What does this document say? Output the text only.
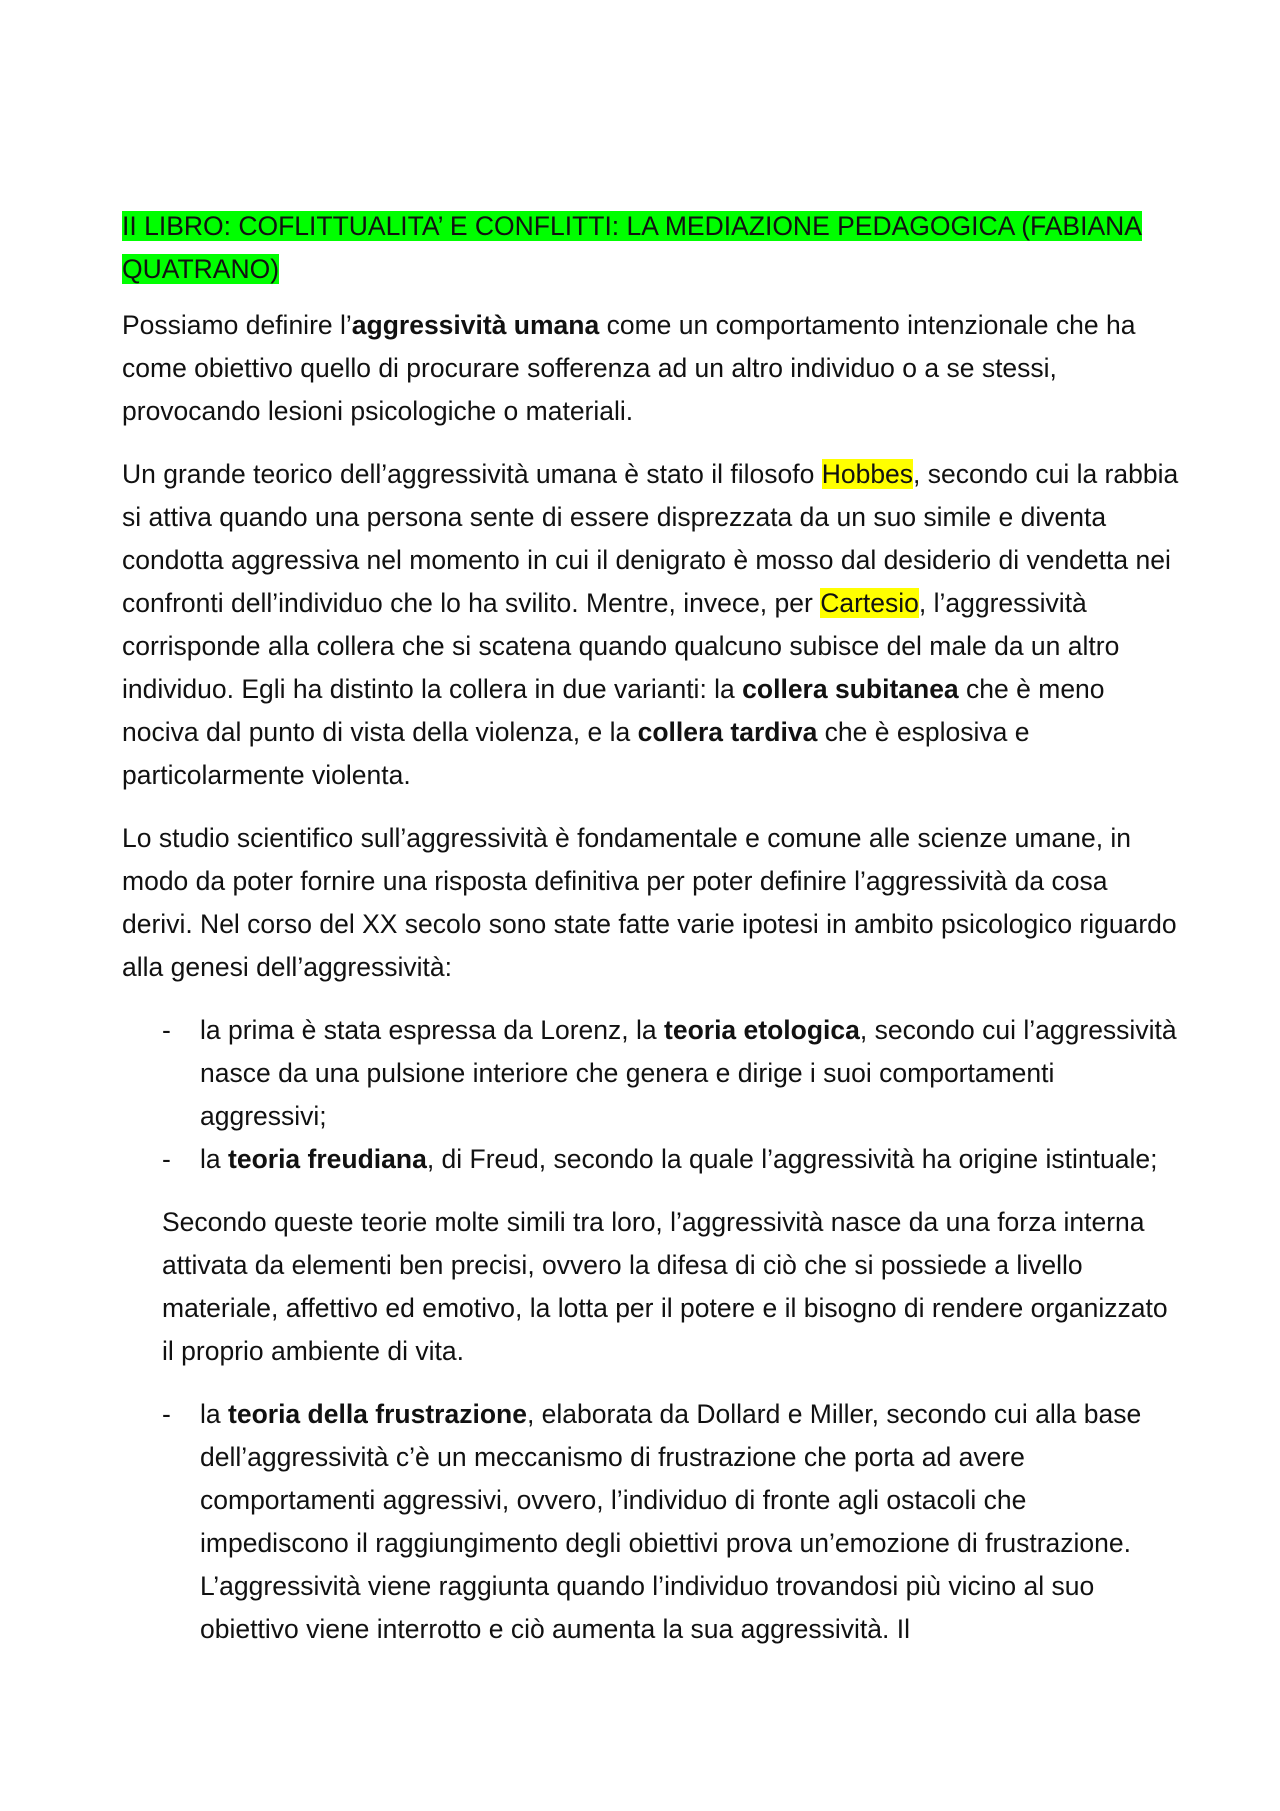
II LIBRO: COFLITTUALITA’ E CONFLITTI: LA MEDIAZIONE PEDAGOGICA (FABIANA QUATRANO)

Possiamo definire l’aggressività umana come un comportamento intenzionale che ha come obiettivo quello di procurare sofferenza ad un altro individuo o a se stessi, provocando lesioni psicologiche o materiali.

Un grande teorico dell’aggressività umana è stato il filosofo Hobbes, secondo cui la rabbia si attiva quando una persona sente di essere disprezzata da un suo simile e diventa condotta aggressiva nel momento in cui il denigrato è mosso dal desiderio di vendetta nei confronti dell’individuo che lo ha svilito. Mentre, invece, per Cartesio, l’aggressività corrisponde alla collera che si scatena quando qualcuno subisce del male da un altro individuo. Egli ha distinto la collera in due varianti: la collera subitanea che è meno nociva dal punto di vista della violenza, e la collera tardiva che è esplosiva e particolarmente violenta.

Lo studio scientifico sull’aggressività è fondamentale e comune alle scienze umane, in modo da poter fornire una risposta definitiva per poter definire l’aggressività da cosa derivi. Nel corso del XX secolo sono state fatte varie ipotesi in ambito psicologico riguardo alla genesi dell’aggressività:

- la prima è stata espressa da Lorenz, la teoria etologica, secondo cui l’aggressività nasce da una pulsione interiore che genera e dirige i suoi comportamenti aggressivi;
- la teoria freudiana, di Freud, secondo la quale l’aggressività ha origine istintuale;

Secondo queste teorie molte simili tra loro, l’aggressività nasce da una forza interna attivata da elementi ben precisi, ovvero la difesa di ciò che si possiede a livello materiale, affettivo ed emotivo, la lotta per il potere e il bisogno di rendere organizzato il proprio ambiente di vita.

- la teoria della frustrazione, elaborata da Dollard e Miller, secondo cui alla base dell’aggressività c’è un meccanismo di frustrazione che porta ad avere comportamenti aggressivi, ovvero, l’individuo di fronte agli ostacoli che impediscono il raggiungimento degli obiettivi prova un’emozione di frustrazione. L’aggressività viene raggiunta quando l’individuo trovandosi più vicino al suo obiettivo viene interrotto e ciò aumenta la sua aggressività. Il
